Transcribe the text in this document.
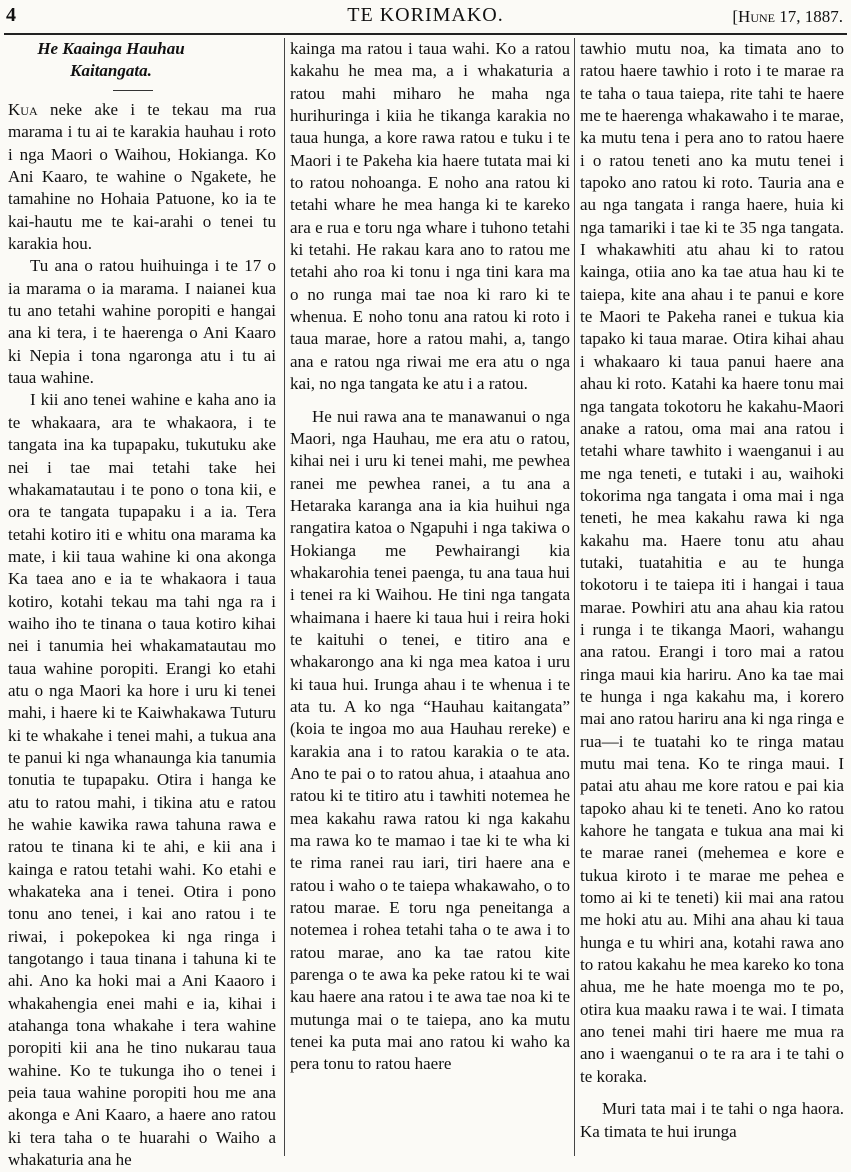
4	TE KORIMAKO.	[Hune 17, 1887.
He Kaainga Hauhau Kaitangata.

Kua neke ake i te tekau ma rua marama i tu ai te karakia hauhau i roto i nga Maori o Waihou, Hokianga. Ko Ani Kaaro, te wahine o Ngakete, he tamahine no Hohaia Patuone, ko ia te kai-hautu me te kai-arahi o tenei tu karakia hou.

Tu ana o ratou huihuinga i te 17 o ia marama o ia marama. I naianei kua tu ano tetahi wahine poropiti e hangai ana ki tera, i te haerenga o Ani Kaaro ki Nepia i tona ngaronga atu i tu ai taua wahine.

I kii ano tenei wahine e kaha ano ia te whakaara, ara te whakaora, i te tangata ina ka tupapaku, tukutuku ake nei i tae mai tetahi take hei whakamatautau i te pono o tona kii, e ora te tangata tupapaku i a ia. Tera tetahi kotiro iti e whitu ona marama ka mate, i kii taua wahine ki ona akonga Ka taea ano e ia te whakaora i taua kotiro, kotahi tekau ma tahi nga ra i waiho iho te tinana o taua kotiro kihai nei i tanumia hei whakamatautau mo taua wahine poropiti. Erangi ko etahi atu o nga Maori ka hore i uru ki tenei mahi, i haere ki te Kaiwhakawa Tuturu ki te whakahe i tenei mahi, a tukua ana te panui ki nga whanaunga kia tanumia tonutia te tupapaku. Otira i hanga ke atu to ratou mahi, i tikina atu e ratou he wahie kawika rawa tahuna rawa e ratou te tinana ki te ahi, e kii ana i kainga e ratou tetahi wahi. Ko etahi e whakateka ana i tenei. Otira i pono tonu ano tenei, i kai ano ratou i te riwai, i pokepokea ki nga ringa i tangotango i taua tinana i tahuna ki te ahi. Ano ka hoki mai a Ani Kaaoro i whakahengia enei mahi e ia, kihai i atahanga tona whakahe i tera wahine poropiti kii ana he tino nukarau taua wahine. Ko te tukunga iho o tenei i peia taua wahine poropiti hou me ana akonga e Ani Kaaro, a haere ano ratou ki tera taha o te huarahi o Waiho a whakaturia ana he

kainga ma ratou i taua wahi. Ko a ratou kakahu he mea ma, a i whakaturia a ratou mahi miharo he maha nga hurihuringa i kiia he tikanga karakia no taua hunga, a kore rawa ratou e tuku i te Maori i te Pakeha kia haere tutata mai ki to ratou nohoanga. E noho ana ratou ki tetahi whare he mea hanga ki te kareko ara e rua e toru nga whare i tuhono tetahi ki tetahi. He rakau kara ano to ratou me tetahi aho roa ki tonu i nga tini kara ma o no runga mai tae noa ki raro ki te whenua. E noho tonu ana ratou ki roto i taua marae, hore a ratou mahi, a, tango ana e ratou nga riwai me era atu o nga kai, no nga tangata ke atu i a ratou.

He nui rawa ana te manawanui o nga Maori, nga Hauhau, me era atu o ratou, kihai nei i uru ki tenei mahi, me pewhea ranei me pewhea ranei, a tu ana a Hetaraka karanga ana ia kia huihui nga rangatira katoa o Ngapuhi i nga takiwa o Hokianga me Pewhairangi kia whakarohia tenei paenga, tu ana taua hui i tenei ra ki Waihou. He tini nga tangata whaimana i haere ki taua hui i reira hoki te kaituhi o tenei, e titiro ana e whakarongo ana ki nga mea katoa i uru ki taua hui. Irunga ahau i te whenua i te ata tu. A ko nga “Hauhau kaitangata” (koia te ingoa mo aua Hauhau rereke) e karakia ana i to ratou karakia o te ata. Ano te pai o to ratou ahua, i ataahua ano ratou ki te titiro atu i tawhiti notemea he mea kakahu rawa ratou ki nga kakahu ma rawa ko te mamao i tae ki te wha ki te rima ranei rau iari, tiri haere ana e ratou i waho o te taiepa whakawaho, o to ratou marae. E toru nga peneitanga a notemea i rohea tetahi taha o te awa i to ratou marae, ano ka tae ratou kite parenga o te awa ka peke ratou ki te wai kau haere ana ratou i te awa tae noa ki te mutunga mai o te taiepa, ano ka mutu tenei ka puta mai ano ratou ki waho ka pera tonu to ratou haere

tawhio mutu noa, ka timata ano to ratou haere tawhio i roto i te marae ra te taha o taua taiepa, rite tahi te haere me te haerenga whakawaho i te marae, ka mutu tena i pera ano to ratou haere i o ratou teneti ano ka mutu tenei i tapoko ano ratou ki roto. Tauria ana e au nga tangata i ranga haere, huia ki nga tamariki i tae ki te 35 nga tangata. I whakawhiti atu ahau ki to ratou kainga, otiia ano ka tae atua hau ki te taiepa, kite ana ahau i te panui e kore te Maori te Pakeha ranei e tukua kia tapako ki taua marae. Otira kihai ahau i whakaaro ki taua panui haere ana ahau ki roto. Katahi ka haere tonu mai nga tangata tokotoru he kakahu-Maori anake a ratou, oma mai ana ratou i tetahi whare tawhito i waenganui i au me nga teneti, e tutaki i au, waihoki tokorima nga tangata i oma mai i nga teneti, he mea kakahu rawa ki nga kakahu ma. Haere tonu atu ahau tutaki, tuatahitia e au te hunga tokotoru i te taiepa iti i hangai i taua marae. Powhiri atu ana ahau kia ratou i runga i te tikanga Maori, wahangu ana ratou. Erangi i toro mai a ratou ringa maui kia hariru. Ano ka tae mai te hunga i nga kakahu ma, i korero mai ano ratou hariru ana ki nga ringa e rua—i te tuatahi ko te ringa matau mutu mai tena. Ko te ringa maui. I patai atu ahau me kore ratou e pai kia tapoko ahau ki te teneti. Ano ko ratou kahore he tangata e tukua ana mai ki te marae ranei (mehemea e kore e tukua kiroto i te marae me pehea e tomo ai ki te teneti) kii mai ana ratou me hoki atu au. Mihi ana ahau ki taua hunga e tu whiri ana, kotahi rawa ano to ratou kakahu he mea kareko ko tona ahua, me he hate moenga mo te po, otira kua maaku rawa i te wai. I timata ano tenei mahi tiri haere me mua ra ano i waenganui o te ra ara i te tahi o te koraka.

Muri tata mai i te tahi o nga haora. Ka timata te hui irunga
